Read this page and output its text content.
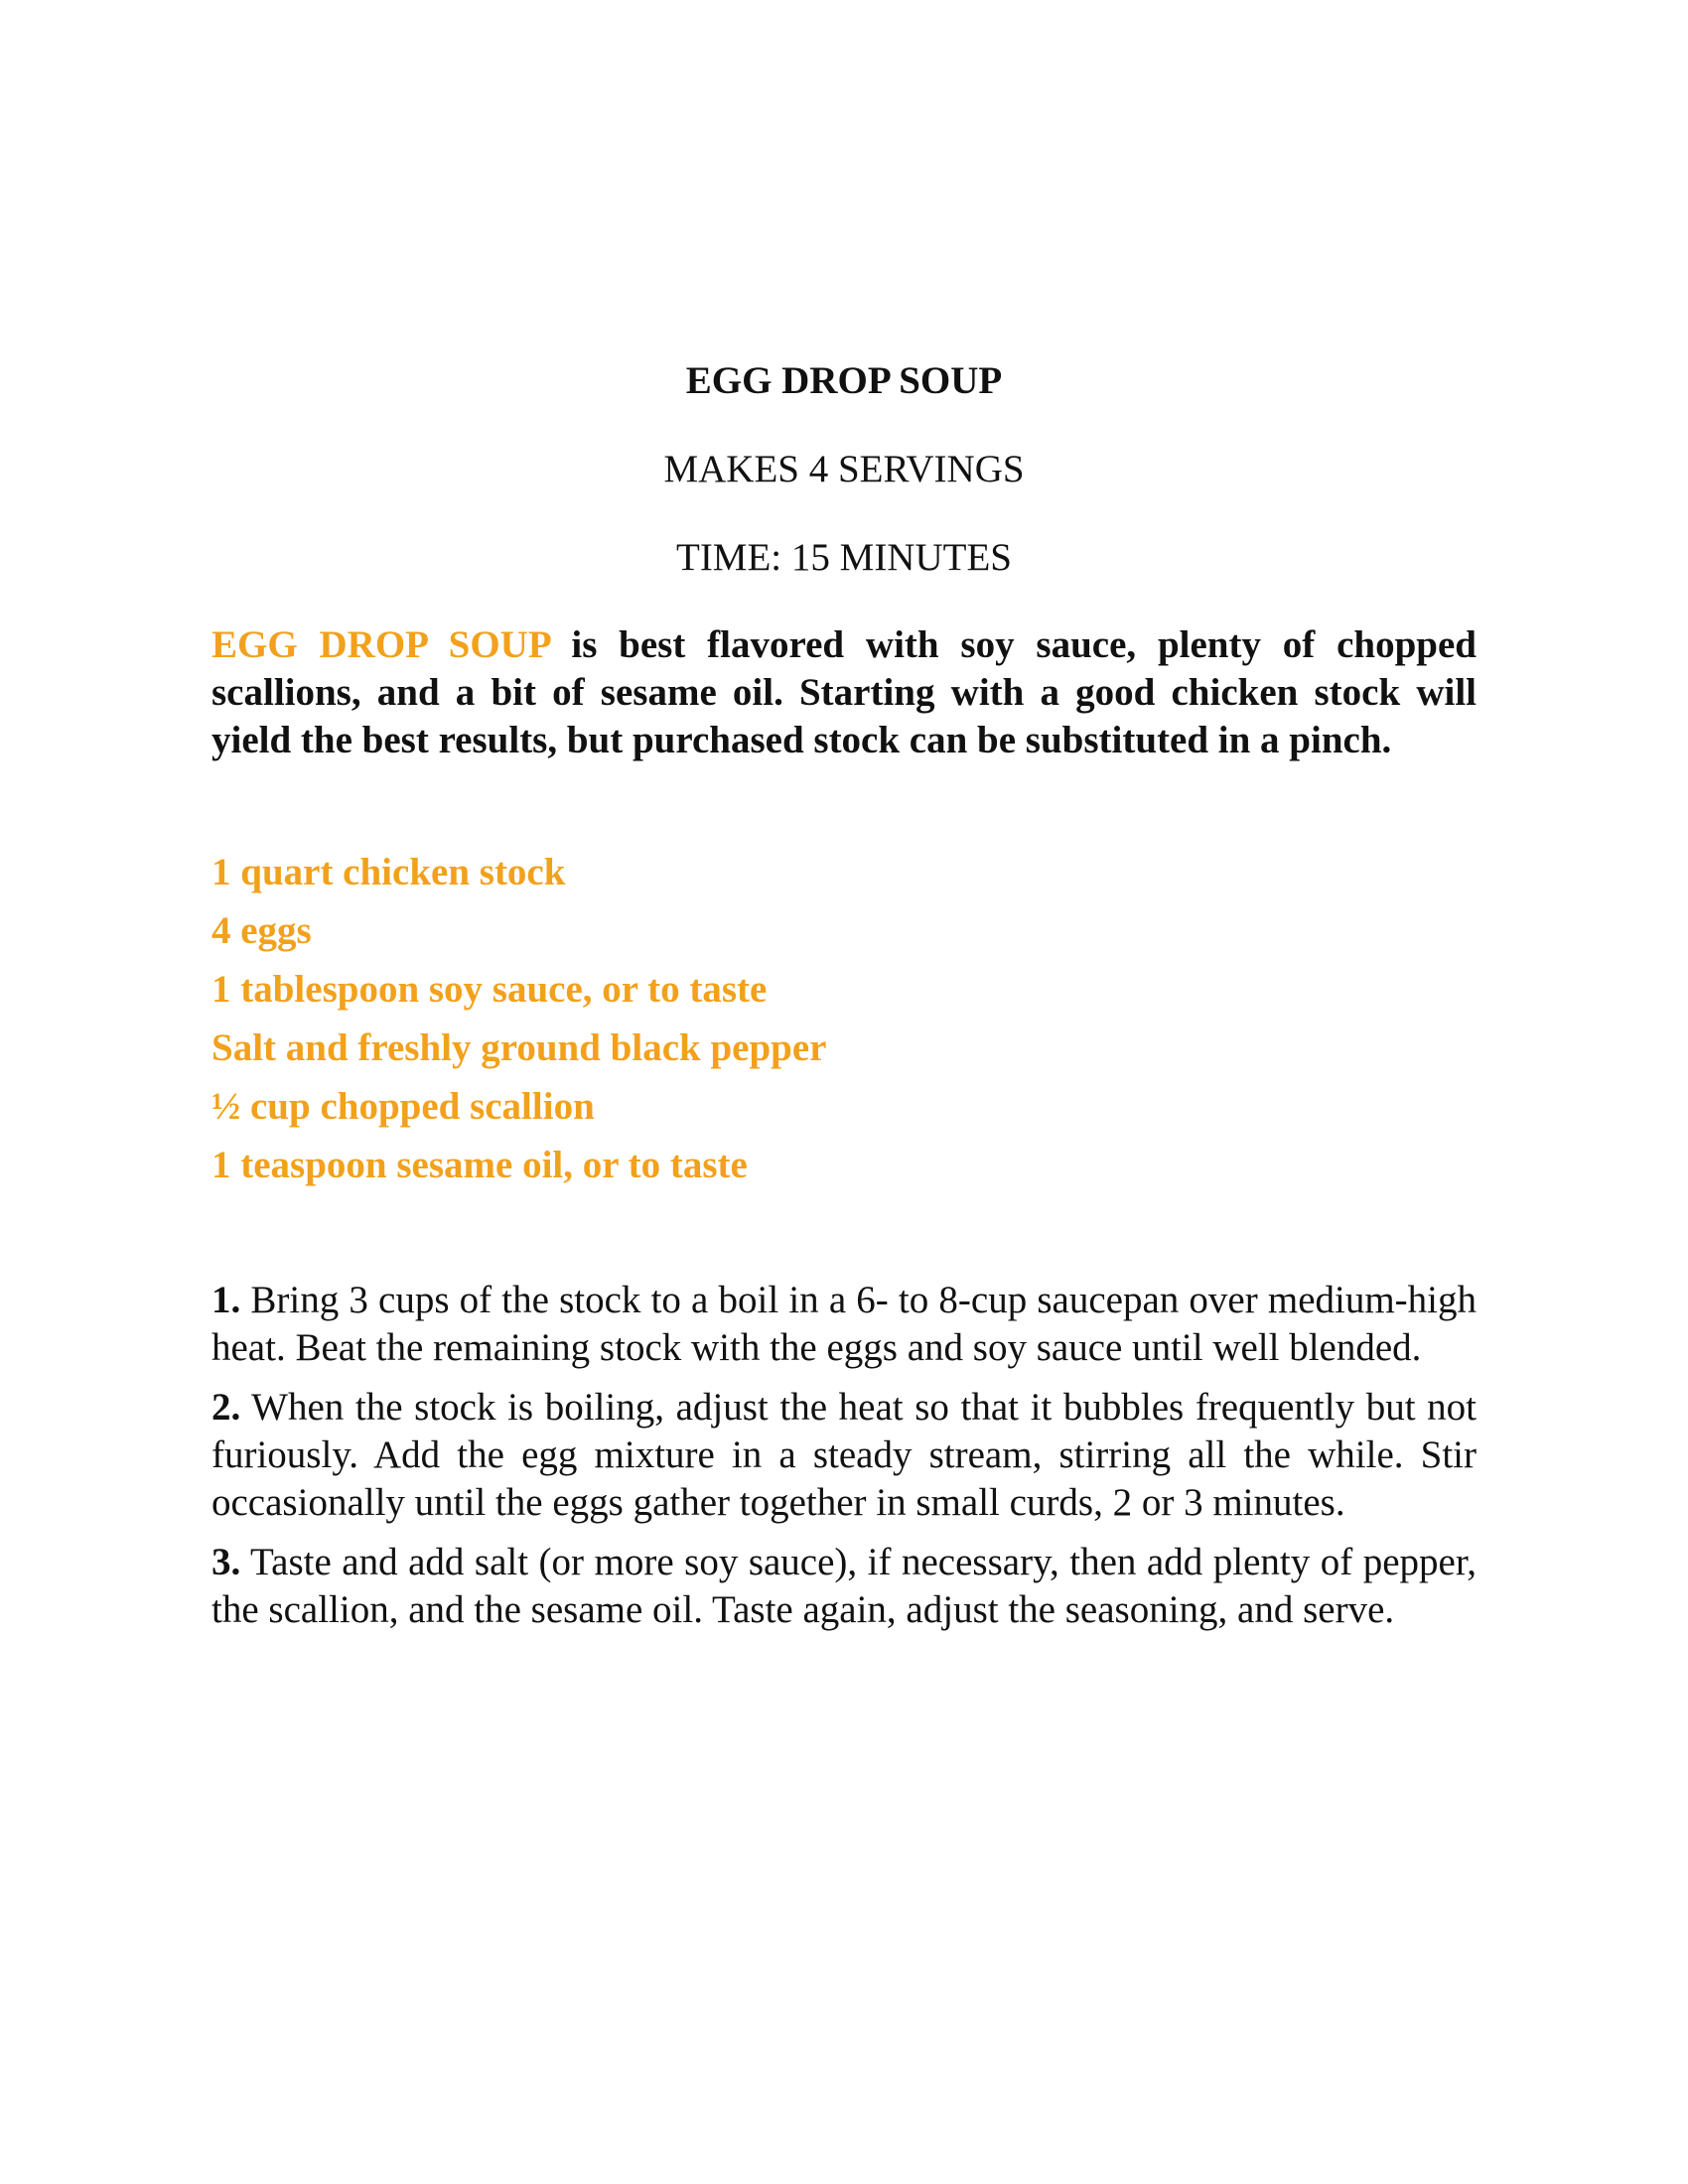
EGG DROP SOUP

MAKES 4 SERVINGS

TIME: 15 MINUTES

EGG DROP SOUP is best flavored with soy sauce, plenty of chopped scallions, and a bit of sesame oil. Starting with a good chicken stock will yield the best results, but purchased stock can be substituted in a pinch.

1 quart chicken stock
4 eggs
1 tablespoon soy sauce, or to taste
Salt and freshly ground black pepper
½ cup chopped scallion
1 teaspoon sesame oil, or to taste
1. Bring 3 cups of the stock to a boil in a 6- to 8-cup saucepan over medium-high heat. Beat the remaining stock with the eggs and soy sauce until well blended.
2. When the stock is boiling, adjust the heat so that it bubbles frequently but not furiously. Add the egg mixture in a steady stream, stirring all the while. Stir occasionally until the eggs gather together in small curds, 2 or 3 minutes.
3. Taste and add salt (or more soy sauce), if necessary, then add plenty of pepper, the scallion, and the sesame oil. Taste again, adjust the seasoning, and serve.
